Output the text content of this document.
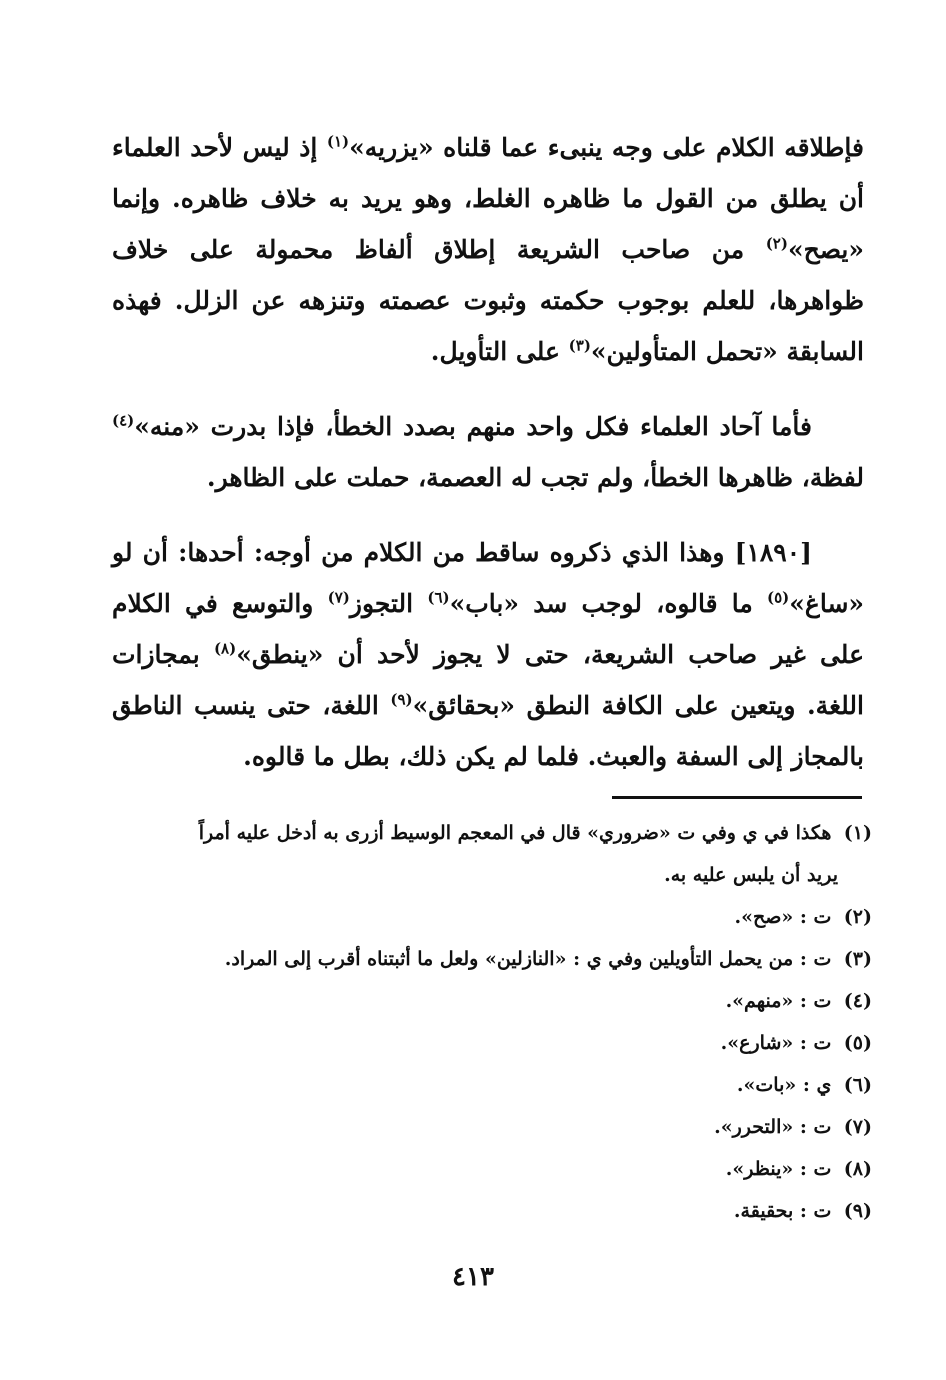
فإطلاقه الكلام على وجه ينبىء عما قلناه «يزريه»$^{(١)}$ إذ ليس لأحد العلماء أن يطلق من القول ما ظاهره الغلط، وهو يريد به خلاف ظاهره. وإنما «يصح»$^{(٢)}$ من صاحب الشريعة إطلاق ألفاظ محمولة على خلاف ظواهرها، للعلم بوجوب حكمته وثبوت عصمته وتنزهه عن الزلل. فهذه السابقة «تحمل المتأولين»$^{(٣)}$ على التأويل.

فأما آحاد العلماء فكل واحد منهم بصدد الخطأ، فإذا بدرت «منه»$^{(٤)}$ لفظة، ظاهرها الخطأ، ولم تجب له العصمة، حملت على الظاهر.

[١٨٩٠] وهذا الذي ذكروه ساقط من الكلام من أوجه: أحدها: أن لو «ساغ»$^{(٥)}$ ما قالوه، لوجب سد «باب»$^{(٦)}$ التجوز$^{(٧)}$ والتوسع في الكلام على غير صاحب الشريعة، حتى لا يجوز لأحد أن «ينطق»$^{(٨)}$ بمجازات اللغة. ويتعين على الكافة النطق «بحقائق»$^{(٩)}$ اللغة، حتى ينسب الناطق بالمجاز إلى السفة والعبث. فلما لم يكن ذلك، بطل ما قالوه.

(١) هكذا في ي وفي ت «ضروري» قال في المعجم الوسيط أزرى به أدخل عليه أمراً
يريد أن يلبس عليه به.
(٢) ت : «صح».
(٣) ت : من يحمل التأويلين وفي ي : «النازلين» ولعل ما أثبتناه أقرب إلى المراد.
(٤) ت : «منهم».
(٥) ت : «شارع».
(٦) ي : «بات».
(٧) ت : «التحرر».
(٨) ت : «ينظر».
(٩) ت : بحقيقة.
٤١٣
